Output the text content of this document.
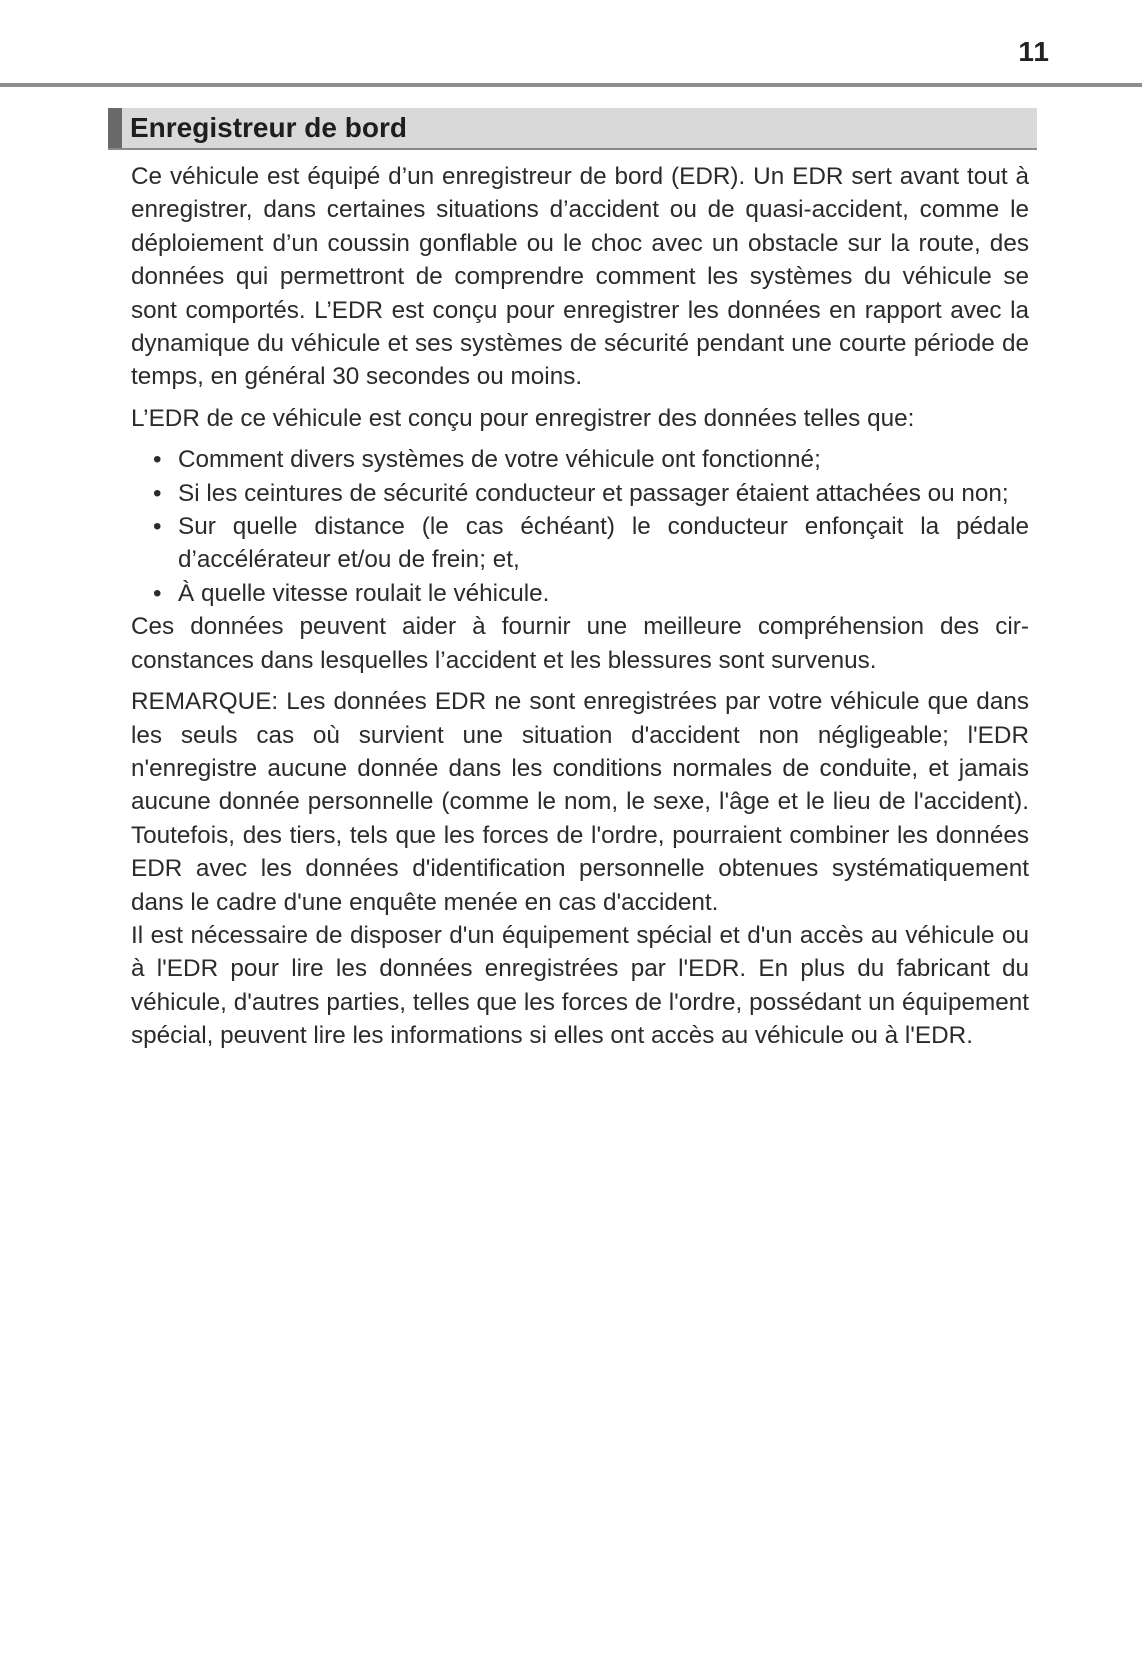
11
Enregistreur de bord

Ce véhicule est équipé d’un enregistreur de bord (EDR). Un EDR sert avant tout à enregistrer, dans certaines situations d’accident ou de quasi-accident, comme le déploiement d’un coussin gonflable ou le choc avec un obstacle sur la route, des données qui permettront de comprendre comment les systèmes du véhicule se sont comportés. L’EDR est conçu pour enregistrer les données en rapport avec la dynamique du véhicule et ses systèmes de sécurité pendant une courte période de temps, en général 30 secondes ou moins.

L’EDR de ce véhicule est conçu pour enregistrer des données telles que:

• Comment divers systèmes de votre véhicule ont fonctionné;
• Si les ceintures de sécurité conducteur et passager étaient attachées ou non;
• Sur quelle distance (le cas échéant) le conducteur enfonçait la pédale d’accélérateur et/ou de frein; et,
• À quelle vitesse roulait le véhicule.

Ces données peuvent aider à fournir une meilleure compréhension des circonstances dans lesquelles l’accident et les blessures sont survenus.

REMARQUE: Les données EDR ne sont enregistrées par votre véhicule que dans les seuls cas où survient une situation d'accident non négligeable; l'EDR n'enregistre aucune donnée dans les conditions normales de conduite, et jamais aucune donnée personnelle (comme le nom, le sexe, l'âge et le lieu de l'accident). Toutefois, des tiers, tels que les forces de l'ordre, pourraient combiner les données EDR avec les données d'identification personnelle obtenues systématiquement dans le cadre d'une enquête menée en cas d'accident.

Il est nécessaire de disposer d'un équipement spécial et d'un accès au véhicule ou à l'EDR pour lire les données enregistrées par l'EDR. En plus du fabricant du véhicule, d'autres parties, telles que les forces de l'ordre, possédant un équipement spécial, peuvent lire les informations si elles ont accès au véhicule ou à l'EDR.
